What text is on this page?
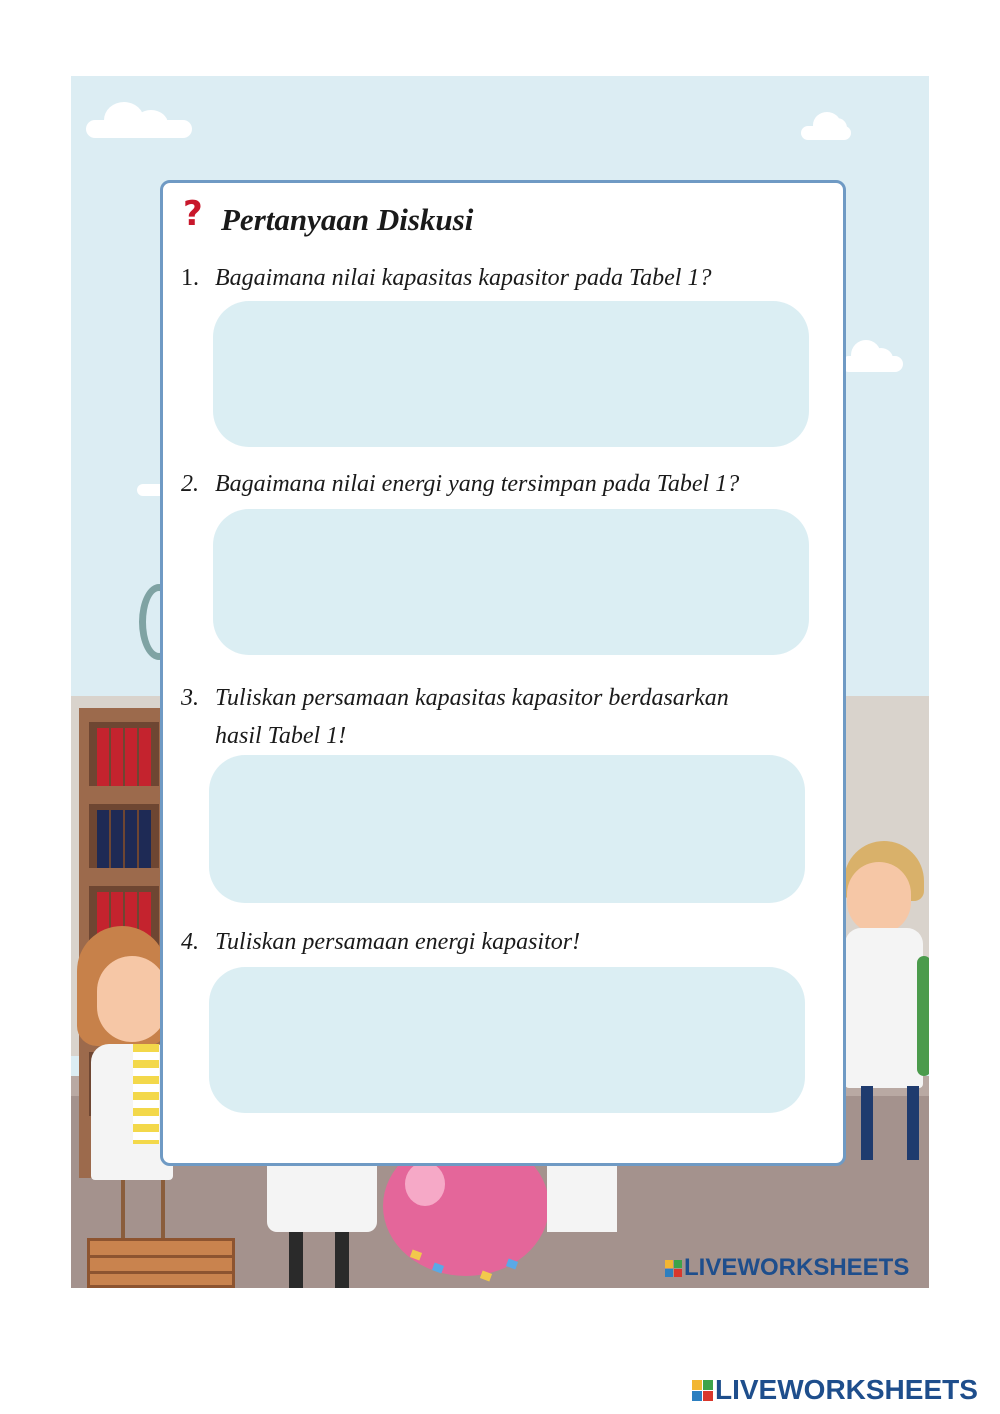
LIVEWORKSHEETS
? Pertanyaan Diskusi
1. Bagaimana nilai kapasitas kapasitor pada Tabel 1?
2. Bagaimana nilai energi yang tersimpan pada Tabel 1?
3. Tuliskan persamaan kapasitas kapasitor berdasarkan
hasil Tabel 1!
4. Tuliskan persamaan energi kapasitor!
LIVEWORKSHEETS
